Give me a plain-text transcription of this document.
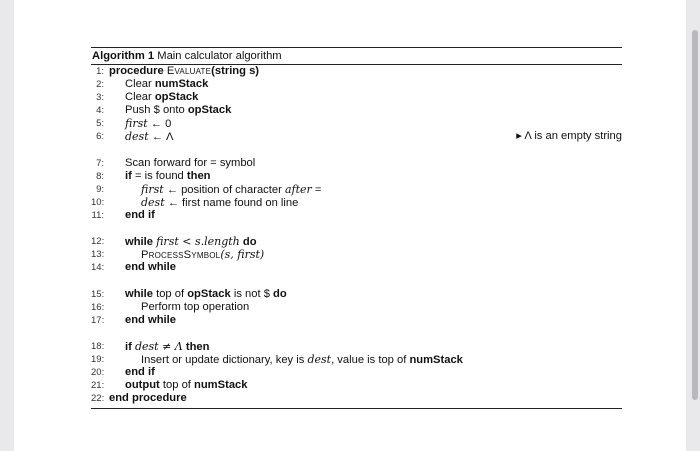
Algorithm 1 Main calculator algorithm
1: procedure Evaluate(string s)
2: Clear numStack
3: Clear opStack
4: Push $ onto opStack
5: first ← 0
6: dest ← Λ	▸ Λ is an empty string
7: Scan forward for = symbol
8: if = is found then
9:	first ← position of character after =
10:	dest ← first name found on line
11: end if
12: while first < s.length do
13:	ProcessSymbol(s, first)
14: end while
15: while top of opStack is not $ do
16:	Perform top operation
17: end while
18: if dest ≠ Λ then
19:	Insert or update dictionary, key is dest, value is top of numStack
20: end if
21: output top of numStack
22: end procedure
